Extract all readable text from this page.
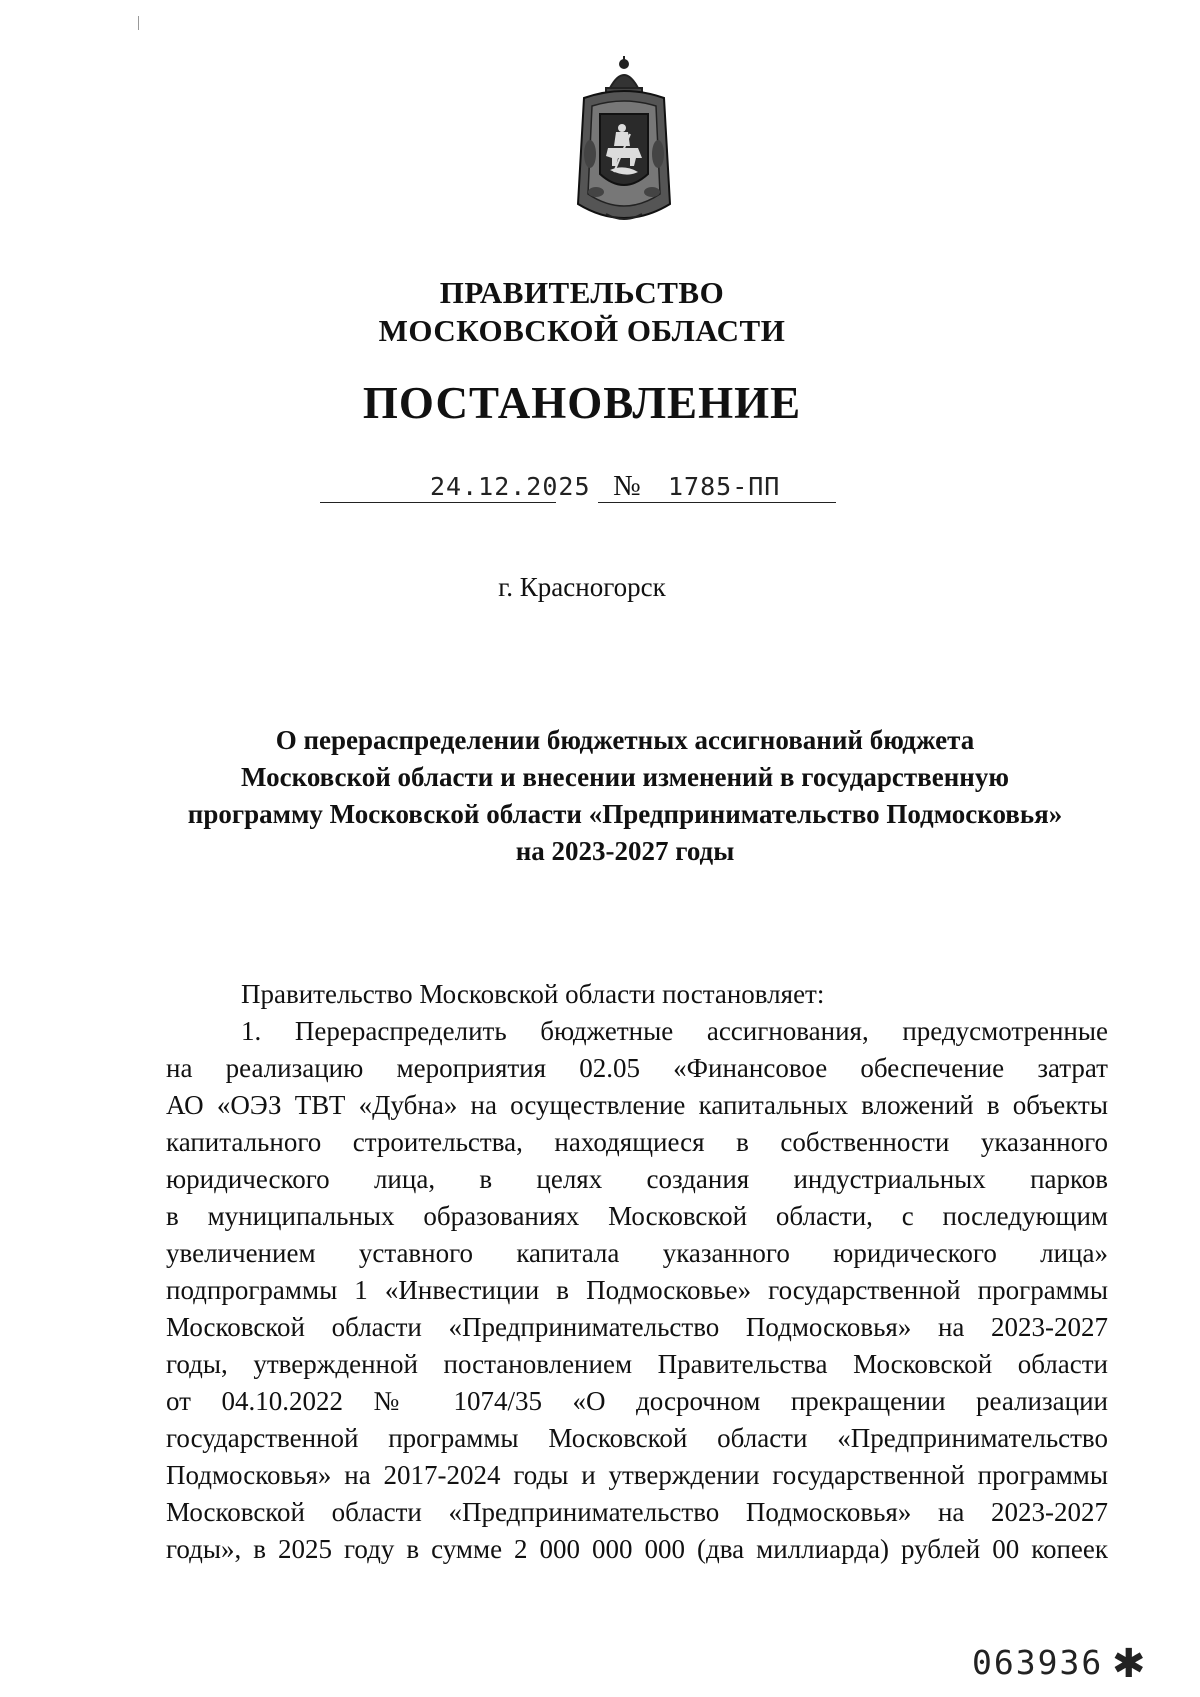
ПРАВИТЕЛЬСТВО
МОСКОВСКОЙ ОБЛАСТИ
ПОСТАНОВЛЕНИЕ
24.12.2025 № 1785-ПП
г. Красногорск
О перераспределении бюджетных ассигнований бюджета
Московской области и внесении изменений в государственную
программу Московской области «Предпринимательство Подмосковья»
на 2023-2027 годы
Правительство Московской области постановляет:
1. Перераспределить бюджетные ассигнования, предусмотренные
на реализацию мероприятия 02.05 «Финансовое обеспечение затрат
АО «ОЭЗ ТВТ «Дубна» на осуществление капитальных вложений в объекты
капитального строительства, находящиеся в собственности указанного
юридического лица, в целях создания индустриальных парков
в муниципальных образованиях Московской области, с последующим
увеличением уставного капитала указанного юридического лица»
подпрограммы 1 «Инвестиции в Подмосковье» государственной программы
Московской области «Предпринимательство Подмосковья» на 2023-2027
годы, утвержденной постановлением Правительства Московской области
от 04.10.2022 № 1074/35 «О досрочном прекращении реализации
государственной программы Московской области «Предпринимательство
Подмосковья» на 2017-2024 годы и утверждении государственной программы
Московской области «Предпринимательство Подмосковья» на 2023-2027
годы», в 2025 году в сумме 2 000 000 000 (два миллиарда) рублей 00 копеек
063936 ✱
